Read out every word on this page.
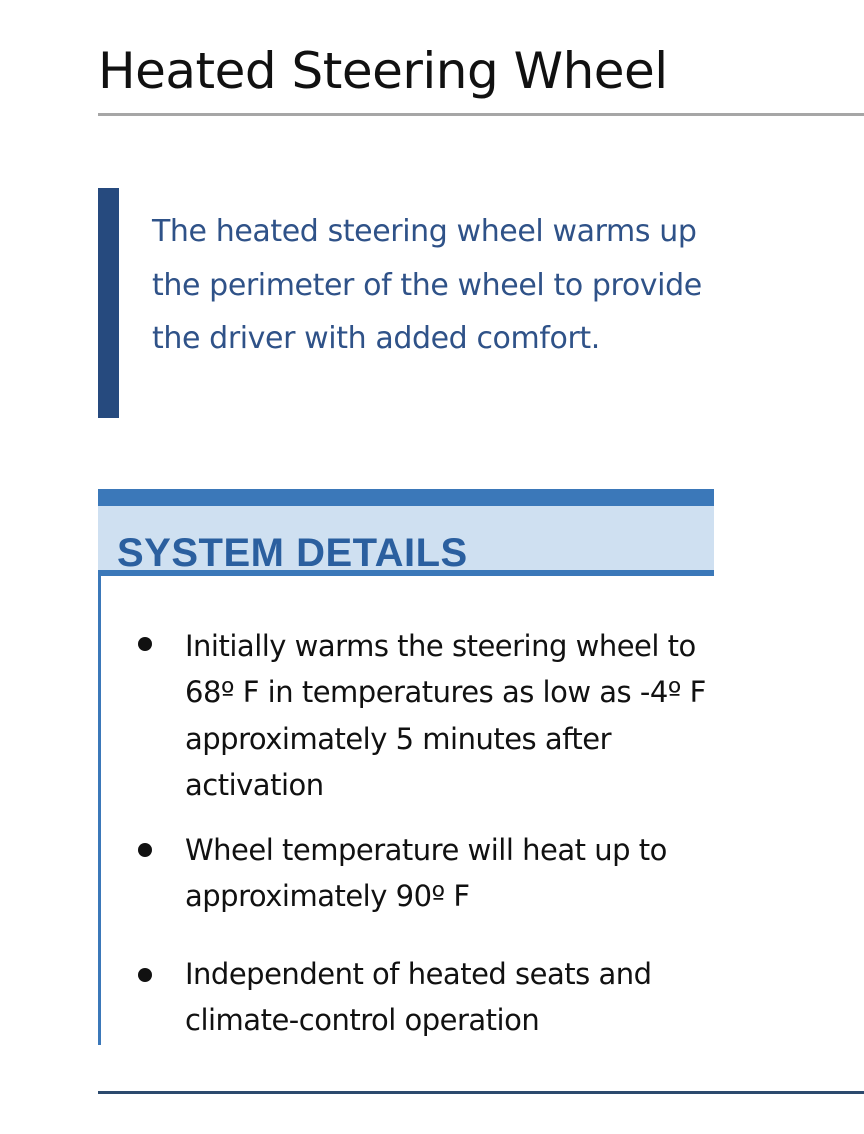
Heated Steering Wheel

The heated steering wheel warms up the perimeter of the wheel to provide the driver with added comfort.

SYSTEM DETAILS

Initially warms the steering wheel to 68º F in temperatures as low as -4º F approximately 5 minutes after activation

Wheel temperature will heat up to approximately 90º F

Independent of heated seats and climate-control operation
